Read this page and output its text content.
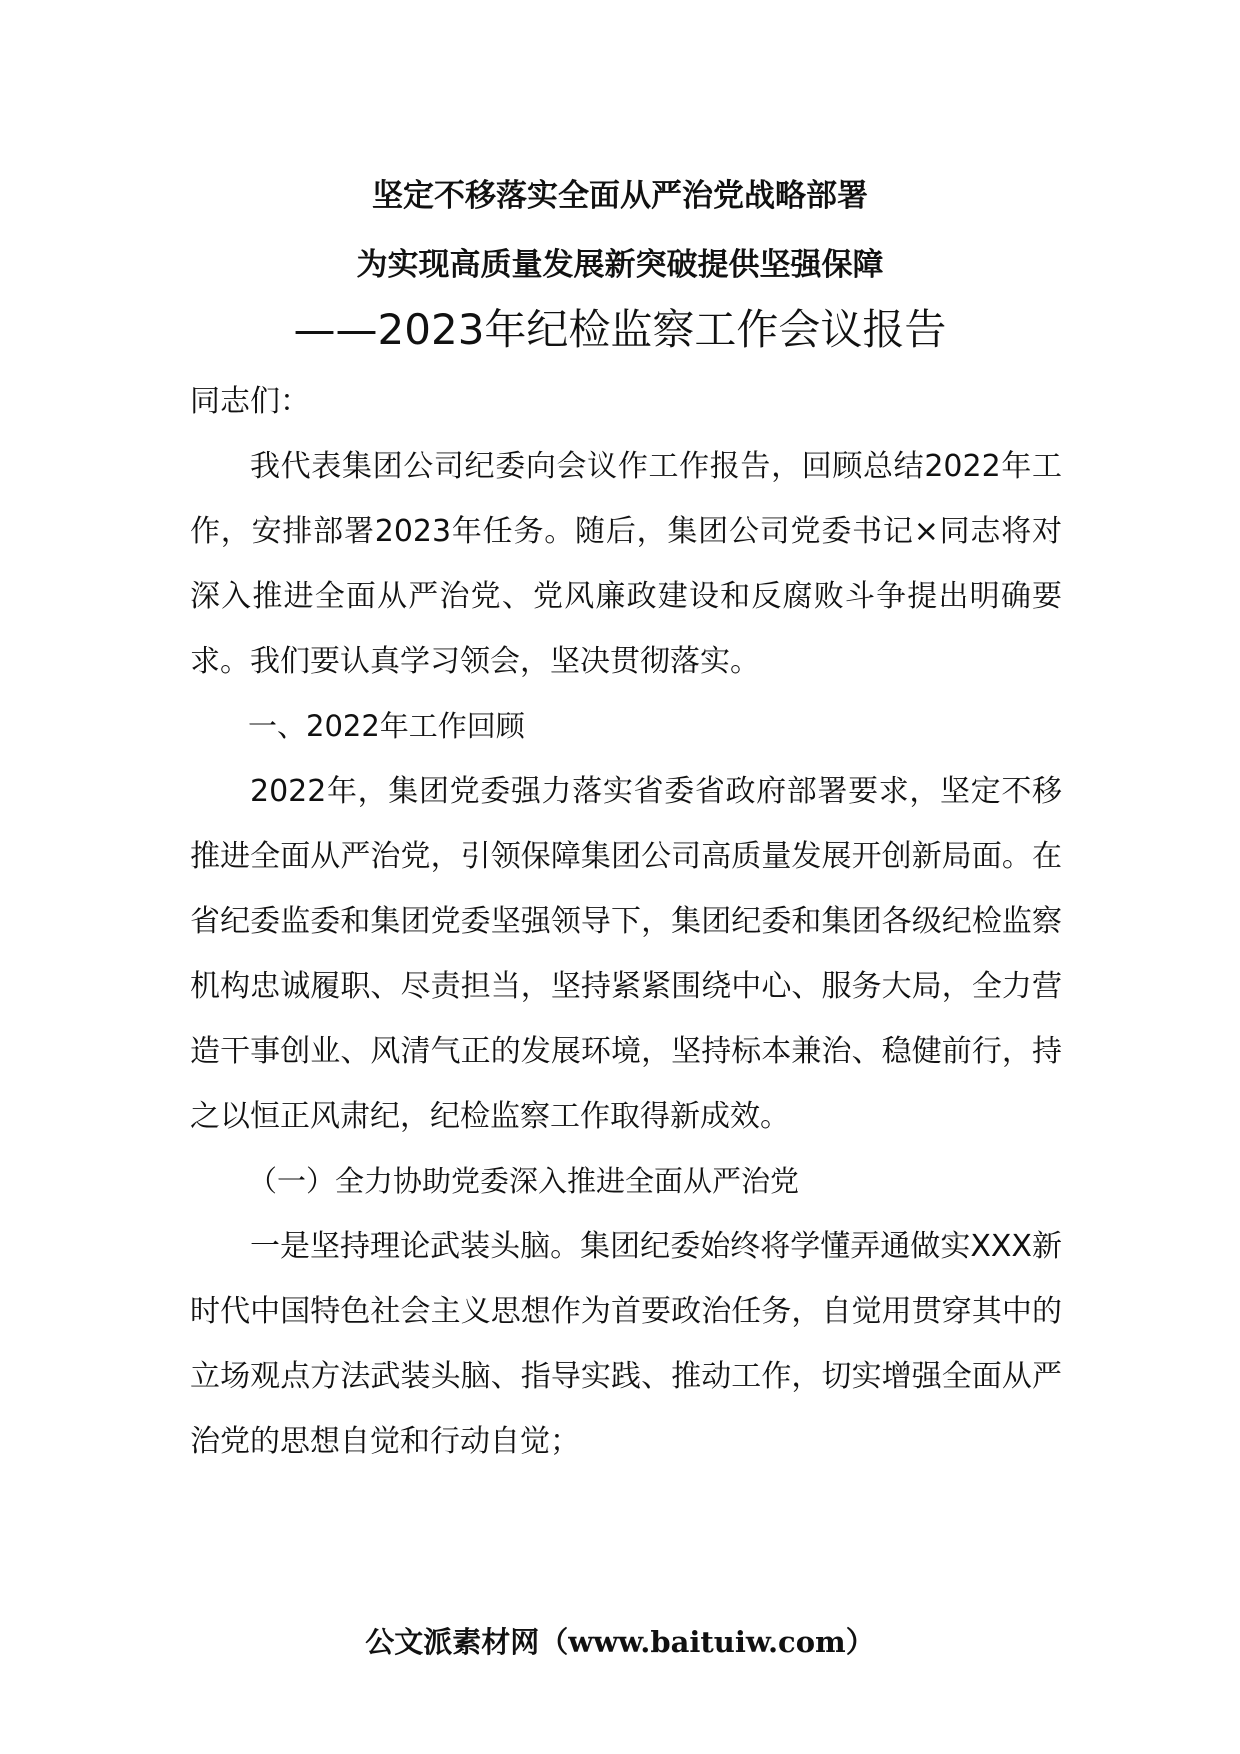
坚定不移落实全面从严治党战略部署
为实现高质量发展新突破提供坚强保障
——2023年纪检监察工作会议报告

同志们：

我代表集团公司纪委向会议作工作报告，回顾总结2022年工作，安排部署2023年任务。随后，集团公司党委书记×同志将对深入推进全面从严治党、党风廉政建设和反腐败斗争提出明确要求。我们要认真学习领会，坚决贯彻落实。

一、2022年工作回顾

2022年，集团党委强力落实省委省政府部署要求，坚定不移推进全面从严治党，引领保障集团公司高质量发展开创新局面。在省纪委监委和集团党委坚强领导下，集团纪委和集团各级纪检监察机构忠诚履职、尽责担当，坚持紧紧围绕中心、服务大局，全力营造干事创业、风清气正的发展环境，坚持标本兼治、稳健前行，持之以恒正风肃纪，纪检监察工作取得新成效。

（一）全力协助党委深入推进全面从严治党

一是坚持理论武装头脑。集团纪委始终将学懂弄通做实XXX新时代中国特色社会主义思想作为首要政治任务，自觉用贯穿其中的立场观点方法武装头脑、指导实践、推动工作，切实增强全面从严治党的思想自觉和行动自觉；

公文派素材网（www.baituiw.com）
